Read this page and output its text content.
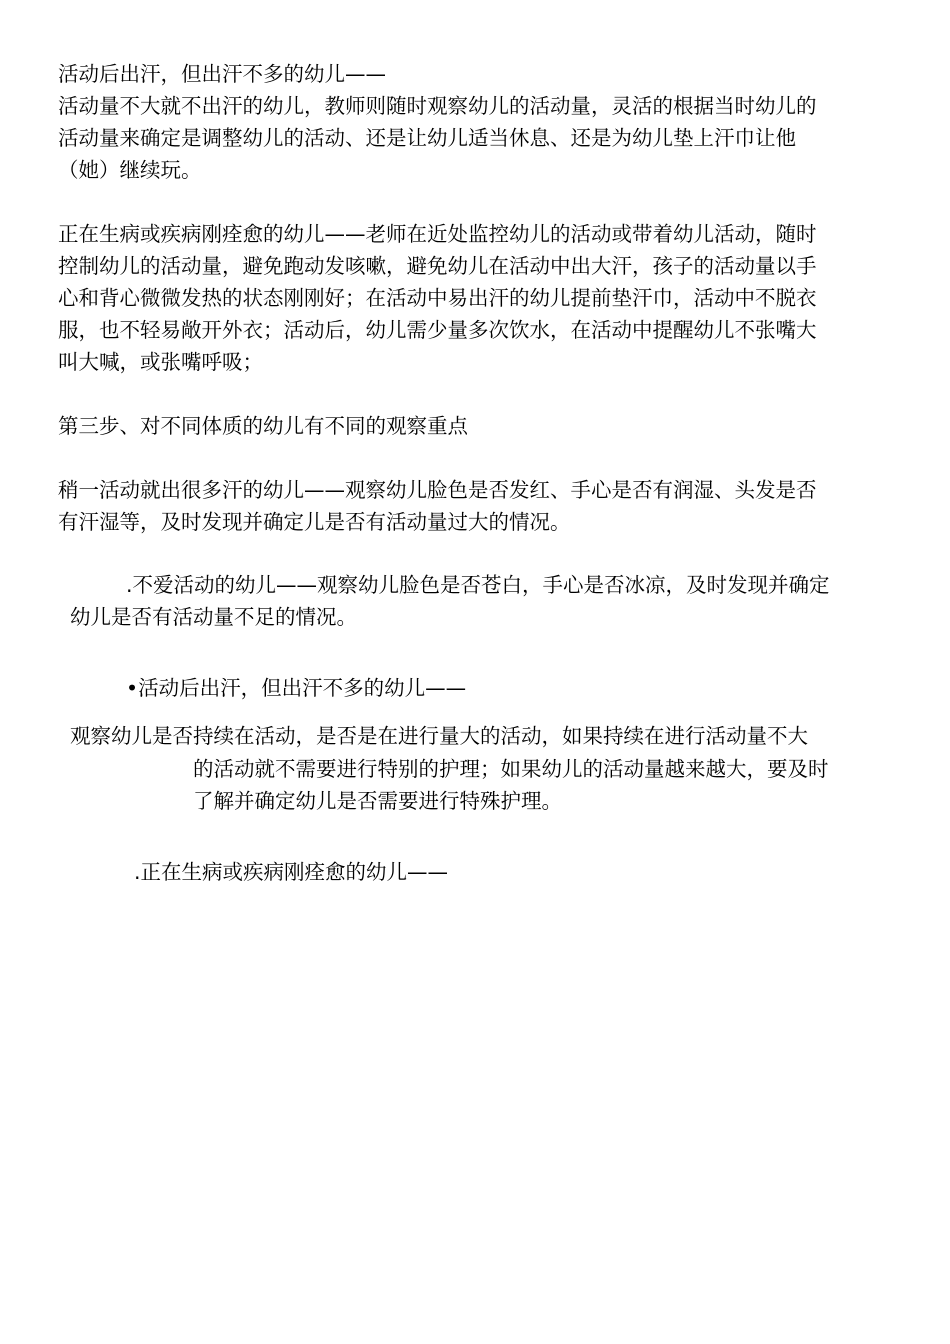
活动后出汗，但出汗不多的幼儿——

活动量不大就不出汗的幼儿，教师则随时观察幼儿的活动量，灵活的根据当时幼儿的

活动量来确定是调整幼儿的活动、还是让幼儿适当休息、还是为幼儿垫上汗巾让他

（她）继续玩。

正在生病或疾病刚痊愈的幼儿——老师在近处监控幼儿的活动或带着幼儿活动，随时

控制幼儿的活动量，避免跑动发咳嗽，避免幼儿在活动中出大汗，孩子的活动量以手

心和背心微微发热的状态刚刚好；在活动中易出汗的幼儿提前垫汗巾，活动中不脱衣

服，也不轻易敞开外衣；活动后，幼儿需少量多次饮水，在活动中提醒幼儿不张嘴大

叫大喊，或张嘴呼吸；

第三步、对不同体质的幼儿有不同的观察重点

稍一活动就出很多汗的幼儿——观察幼儿脸色是否发红、手心是否有润湿、头发是否

有汗湿等，及时发现并确定儿是否有活动量过大的情况。

.不爱活动的幼儿——观察幼儿脸色是否苍白，手心是否冰凉，及时发现并确定

幼儿是否有活动量不足的情况。

•活动后出汗，但出汗不多的幼儿——

观察幼儿是否持续在活动，是否是在进行量大的活动，如果持续在进行活动量不大

的活动就不需要进行特别的护理；如果幼儿的活动量越来越大，要及时

了解并确定幼儿是否需要进行特殊护理。

.正在生病或疾病刚痊愈的幼儿——
